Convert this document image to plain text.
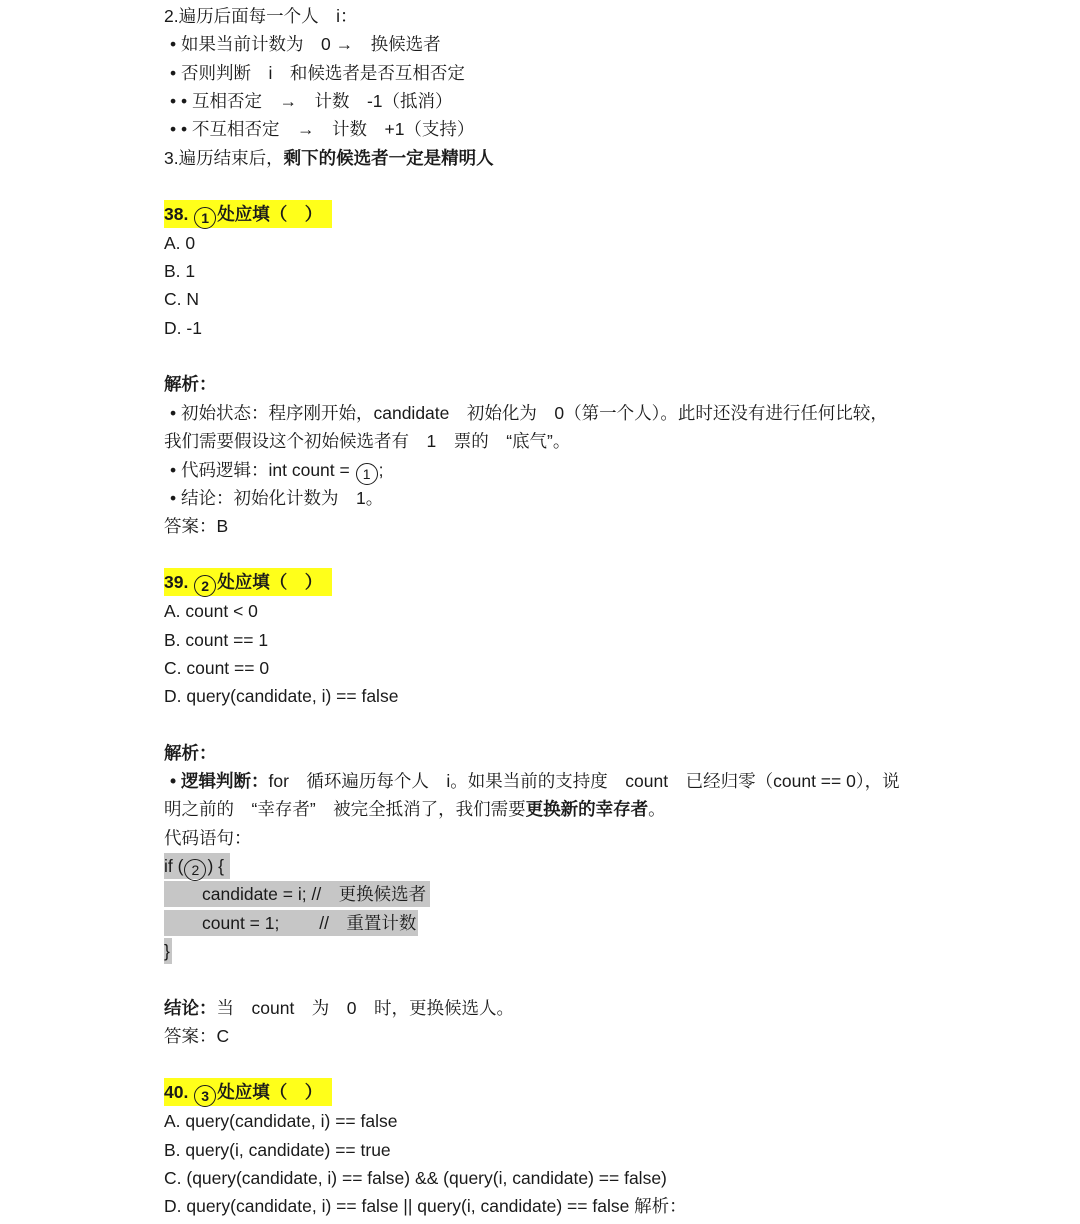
2.遍历后面每一个人　i：
• 如果当前计数为　0 →　换候选者
• 否则判断　i　和候选者是否互相否定
• • 互相否定　→　计数　-1（抵消）
• • 不互相否定　→　计数　+1（支持）
3.遍历结束后，剩下的候选者一定是精明人
38. 1 处应填（　）
A. 0
B. 1
C. N
D. -1
解析：
• 初始状态：程序刚开始，candidate　初始化为　0（第一个人）。此时还没有进行任何比较，
我们需要假设这个初始候选者有　1　票的　“底气”。
• 代码逻辑：int count = 1 ;
• 结论：初始化计数为　1。
答案：B
39. 2 处应填（　）
A. count < 0
B. count == 1
C. count == 0
D. query(candidate, i) == false
解析：
• 逻辑判断：for　循环遍历每个人　i。如果当前的支持度　count　已经归零（count == 0），说
明之前的　“幸存者”　被完全抵消了，我们需要更换新的幸存者。
代码语句：
if ( 2 ) {
candidate = i; //　更换候选者
count = 1;　　 //　重置计数
}
结论：当　count　为　0　时，更换候选人。
答案：C
40. 3 处应填（　）
A. query(candidate, i) == false
B. query(i, candidate) == true
C. (query(candidate, i) == false) && (query(i, candidate) == false)
D. query(candidate, i) == false || query(i, candidate) == false 解析：
